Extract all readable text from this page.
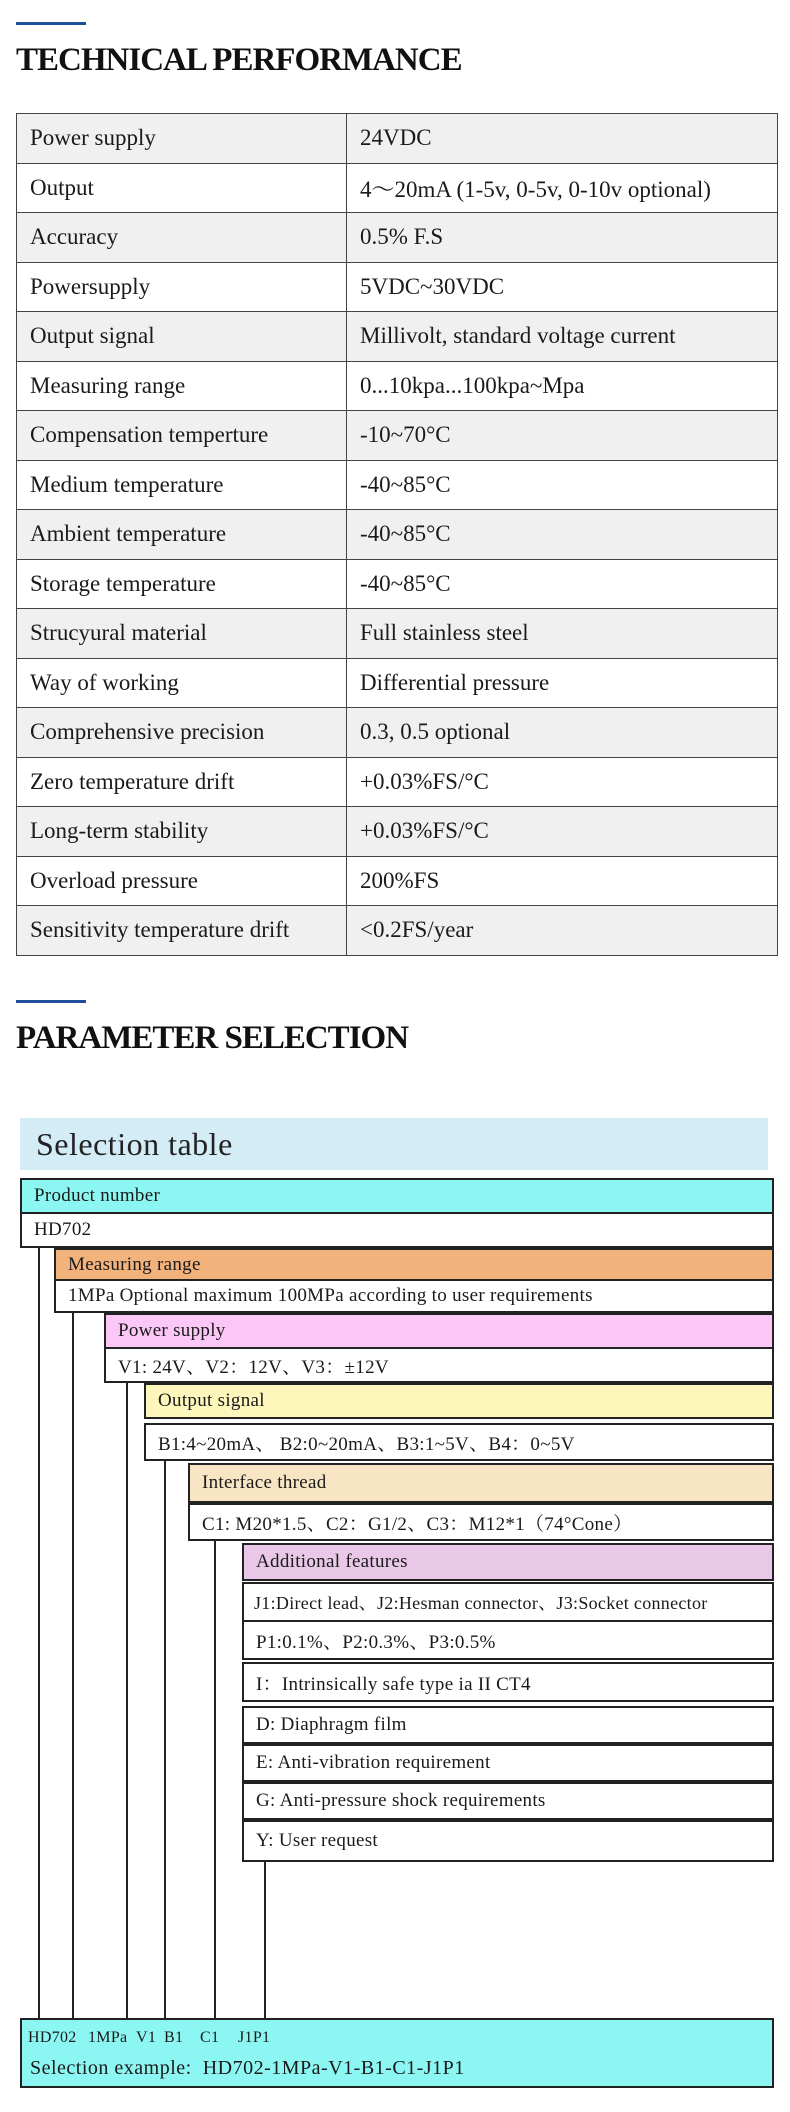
TECHNICAL PERFORMANCE
Power supply	24VDC
Output	4～20mA (1-5v, 0-5v, 0-10v optional)
Accuracy	0.5% F.S
Powersupply	5VDC~30VDC
Output signal	Millivolt, standard voltage current
Measuring range	0...10kpa...100kpa~Mpa
Compensation temperture	-10~70°C
Medium temperature	-40~85°C
Ambient temperature	-40~85°C
Storage temperature	-40~85°C
Strucyural material	Full stainless steel
Way of working	Differential pressure
Comprehensive precision	0.3, 0.5 optional
Zero temperature drift	+0.03%FS/°C
Long-term stability	+0.03%FS/°C
Overload pressure	200%FS
Sensitivity temperature drift	<0.2FS/year
PARAMETER SELECTION
Selection table
Product number
HD702
Measuring range
1MPa Optional maximum 100MPa according to user requirements
Power supply
V1: 24V、V2：12V、V3：±12V
Output signal
B1:4~20mA、 B2:0~20mA、B3:1~5V、B4：0~5V
Interface thread
C1: M20*1.5、C2：G1/2、C3：M12*1（74°Cone）
Additional features
J1:Direct lead、J2:Hesman connector、J3:Socket connector
P1:0.1%、P2:0.3%、P3:0.5%
I：Intrinsically safe type ia II CT4
D: Diaphragm film
E: Anti-vibration requirement
G: Anti-pressure shock requirements
Y: User request
HD702 1MPa V1 B1 C1 J1P1
Selection example:  HD702-1MPa-V1-B1-C1-J1P1
